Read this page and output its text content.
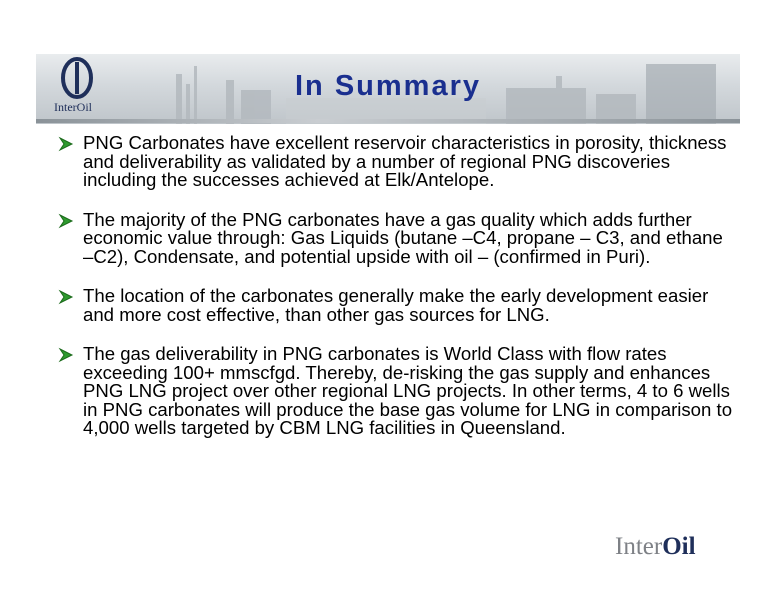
InterOil
In Summary
PNG Carbonates have excellent reservoir characteristics in porosity, thickness and deliverability as validated by a number of regional PNG discoveries including the successes achieved at Elk/Antelope.
The majority of the PNG carbonates have a gas quality which adds further economic value through: Gas Liquids (butane –C4, propane – C3, and ethane –C2), Condensate, and potential upside with oil – (confirmed in Puri).
The location of the carbonates generally make the early development easier and more cost effective, than other gas sources for LNG.
The gas deliverability in PNG carbonates is World Class with flow rates exceeding 100+ mmscfgd. Thereby, de-risking the gas supply and enhances PNG LNG project over other regional LNG projects. In other terms, 4 to 6 wells in PNG carbonates will produce the base gas volume for LNG in comparison to 4,000 wells targeted by CBM LNG facilities in Queensland.
InterOil
